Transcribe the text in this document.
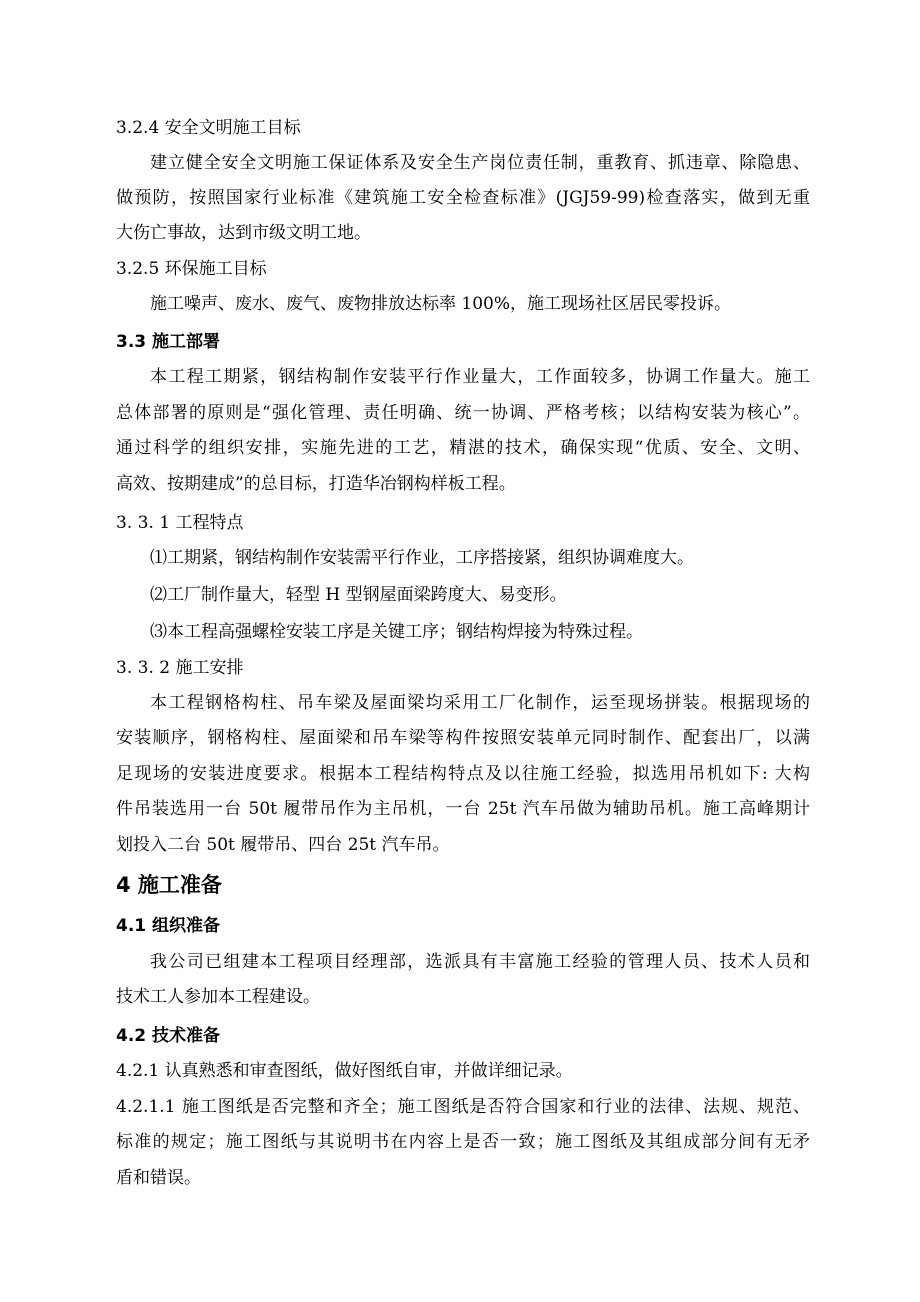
3.2.4 安全文明施工目标
建立健全安全文明施工保证体系及安全生产岗位责任制，重教育、抓违章、除隐患、
做预防，按照国家行业标准《建筑施工安全检查标准》(JGJ59-99)检查落实，做到无重
大伤亡事故，达到市级文明工地。
3.2.5 环保施工目标
施工噪声、废水、废气、废物排放达标率 100%，施工现场社区居民零投诉。
3.3 施工部署
本工程工期紧，钢结构制作安装平行作业量大，工作面较多，协调工作量大。施工
总体部署的原则是“强化管理、责任明确、统一协调、严格考核；以结构安装为核心”。
通过科学的组织安排，实施先进的工艺，精湛的技术，确保实现“优质、安全、文明、
高效、按期建成”的总目标，打造华冶钢构样板工程。
3. 3. 1 工程特点
⑴工期紧，钢结构制作安装需平行作业，工序搭接紧，组织协调难度大。
⑵工厂制作量大，轻型 H 型钢屋面梁跨度大、易变形。
⑶本工程高强螺栓安装工序是关键工序；钢结构焊接为特殊过程。
3. 3. 2 施工安排
本工程钢格构柱、吊车梁及屋面梁均采用工厂化制作，运至现场拼装。根据现场的
安装顺序，钢格构柱、屋面梁和吊车梁等构件按照安装单元同时制作、配套出厂，以满
足现场的安装进度要求。根据本工程结构特点及以往施工经验，拟选用吊机如下: 大构
件吊装选用一台 50t 履带吊作为主吊机，一台 25t 汽车吊做为辅助吊机。施工高峰期计
划投入二台 50t 履带吊、四台 25t 汽车吊。
4 施工准备
4.1 组织准备
我公司已组建本工程项目经理部，选派具有丰富施工经验的管理人员、技术人员和
技术工人参加本工程建设。
4.2 技术准备
4.2.1 认真熟悉和审查图纸，做好图纸自审，并做详细记录。
4.2.1.1 施工图纸是否完整和齐全；施工图纸是否符合国家和行业的法律、法规、规范、
标准的规定；施工图纸与其说明书在内容上是否一致；施工图纸及其组成部分间有无矛
盾和错误。
